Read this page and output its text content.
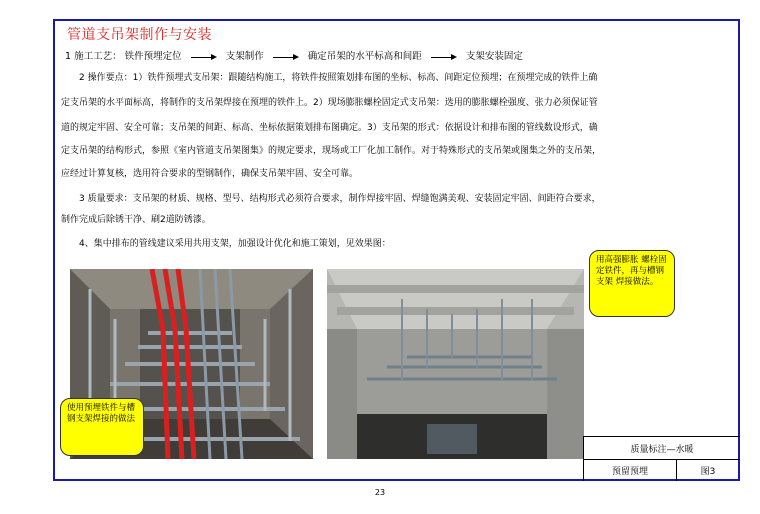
管道支吊架制作与安装
1 施工工艺： 铁件预埋定位	支架制作	确定吊架的水平标高和间距	支架安装固定
2 操作要点：1）铁件预埋式支吊架：跟随结构施工，将铁件按照策划排布图的坐标、标高、间距定位预埋；在预埋完成的铁件上确
定支吊架的水平面标高，将制作的支吊架焊接在预埋的铁件上。2）现场膨胀螺栓固定式支吊架：选用的膨胀螺栓强度、张力必须保证管
道的规定牢固、安全可靠；支吊架的间距、标高、坐标依据策划排布图确定。3）支吊架的形式：依据设计和排布图的管线数设形式，确
定支吊架的结构形式，参照《室内管道支吊架图集》的规定要求，现场或工厂化加工制作。对于特殊形式的支吊架或图集之外的支吊架，
应经过计算复核，选用符合要求的型钢制作，确保支吊架牢固、安全可靠。
3 质量要求：支吊架的材质、规格、型号、结构形式必须符合要求，制作焊接牢固、焊缝饱满美观、安装固定牢固、间距符合要求，
制作完成后除锈干净、刷2道防锈漆。
4、集中排布的管线建议采用共用支架，加强设计优化和施工策划，见效果图：
使用预埋铁件与槽钢支架焊接的做法
用高强膨胀 螺栓固定铁件，再与槽钢支架 焊接做法。
质量标注—水暖
预留预埋	图3
23
